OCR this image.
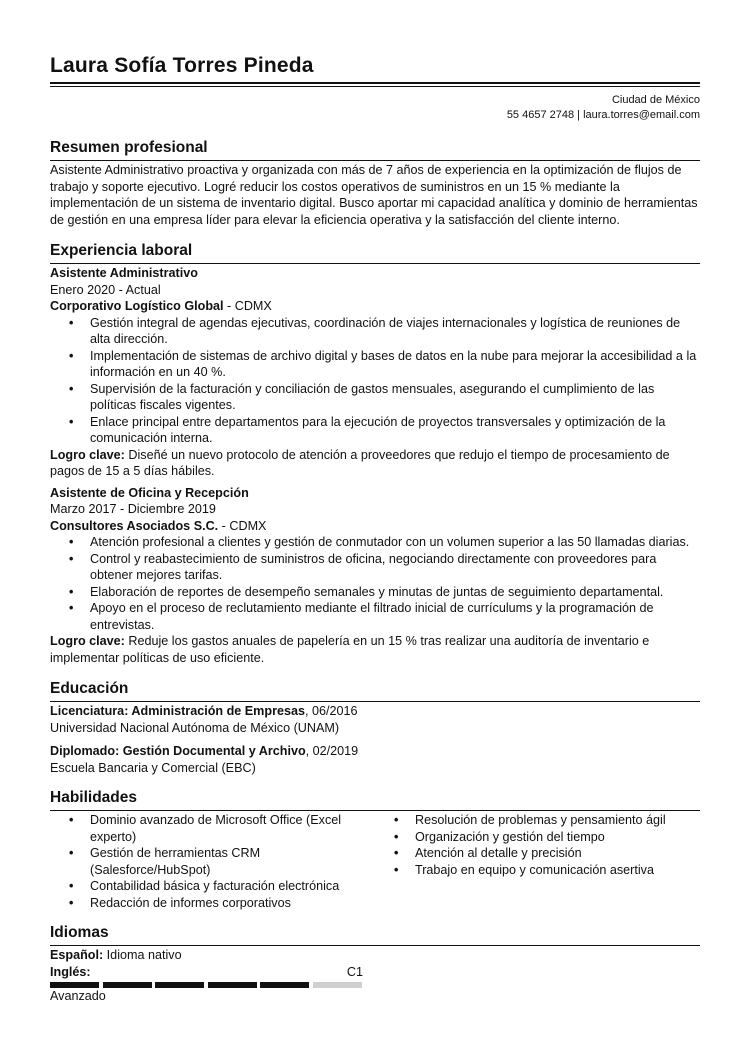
Laura Sofía Torres Pineda
Ciudad de México
55 4657 2748 | laura.torres@email.com
Resumen profesional

Asistente Administrativo proactiva y organizada con más de 7 años de experiencia en la optimización de flujos de trabajo y soporte ejecutivo. Logré reducir los costos operativos de suministros en un 15 % mediante la implementación de un sistema de inventario digital. Busco aportar mi capacidad analítica y dominio de herramientas de gestión en una empresa líder para elevar la eficiencia operativa y la satisfacción del cliente interno.

Experiencia laboral
Asistente Administrativo
Enero 2020 - Actual
Corporativo Logístico Global - CDMX
• Gestión integral de agendas ejecutivas, coordinación de viajes internacionales y logística de reuniones de alta dirección.
• Implementación de sistemas de archivo digital y bases de datos en la nube para mejorar la accesibilidad a la información en un 40 %.
• Supervisión de la facturación y conciliación de gastos mensuales, asegurando el cumplimiento de las políticas fiscales vigentes.
• Enlace principal entre departamentos para la ejecución de proyectos transversales y optimización de la comunicación interna.

Logro clave: Diseñé un nuevo protocolo de atención a proveedores que redujo el tiempo de procesamiento de pagos de 15 a 5 días hábiles.

Asistente de Oficina y Recepción
Marzo 2017 - Diciembre 2019
Consultores Asociados S.C. - CDMX
• Atención profesional a clientes y gestión de conmutador con un volumen superior a las 50 llamadas diarias.
• Control y reabastecimiento de suministros de oficina, negociando directamente con proveedores para obtener mejores tarifas.
• Elaboración de reportes de desempeño semanales y minutas de juntas de seguimiento departamental.
• Apoyo en el proceso de reclutamiento mediante el filtrado inicial de currículums y la programación de entrevistas.

Logro clave: Reduje los gastos anuales de papelería en un 15 % tras realizar una auditoría de inventario e implementar políticas de uso eficiente.

Educación
Licenciatura: Administración de Empresas, 06/2016
Universidad Nacional Autónoma de México (UNAM)
Diplomado: Gestión Documental y Archivo, 02/2019
Escuela Bancaria y Comercial (EBC)
Habilidades
• Dominio avanzado de Microsoft Office (Excel experto)
• Gestión de herramientas CRM (Salesforce/HubSpot)
• Contabilidad básica y facturación electrónica
• Redacción de informes corporativos
• Resolución de problemas y pensamiento ágil
• Organización y gestión del tiempo
• Atención al detalle y precisión
• Trabajo en equipo y comunicación asertiva
Idiomas
Español: Idioma nativo
Inglés:	C1
Avanzado
